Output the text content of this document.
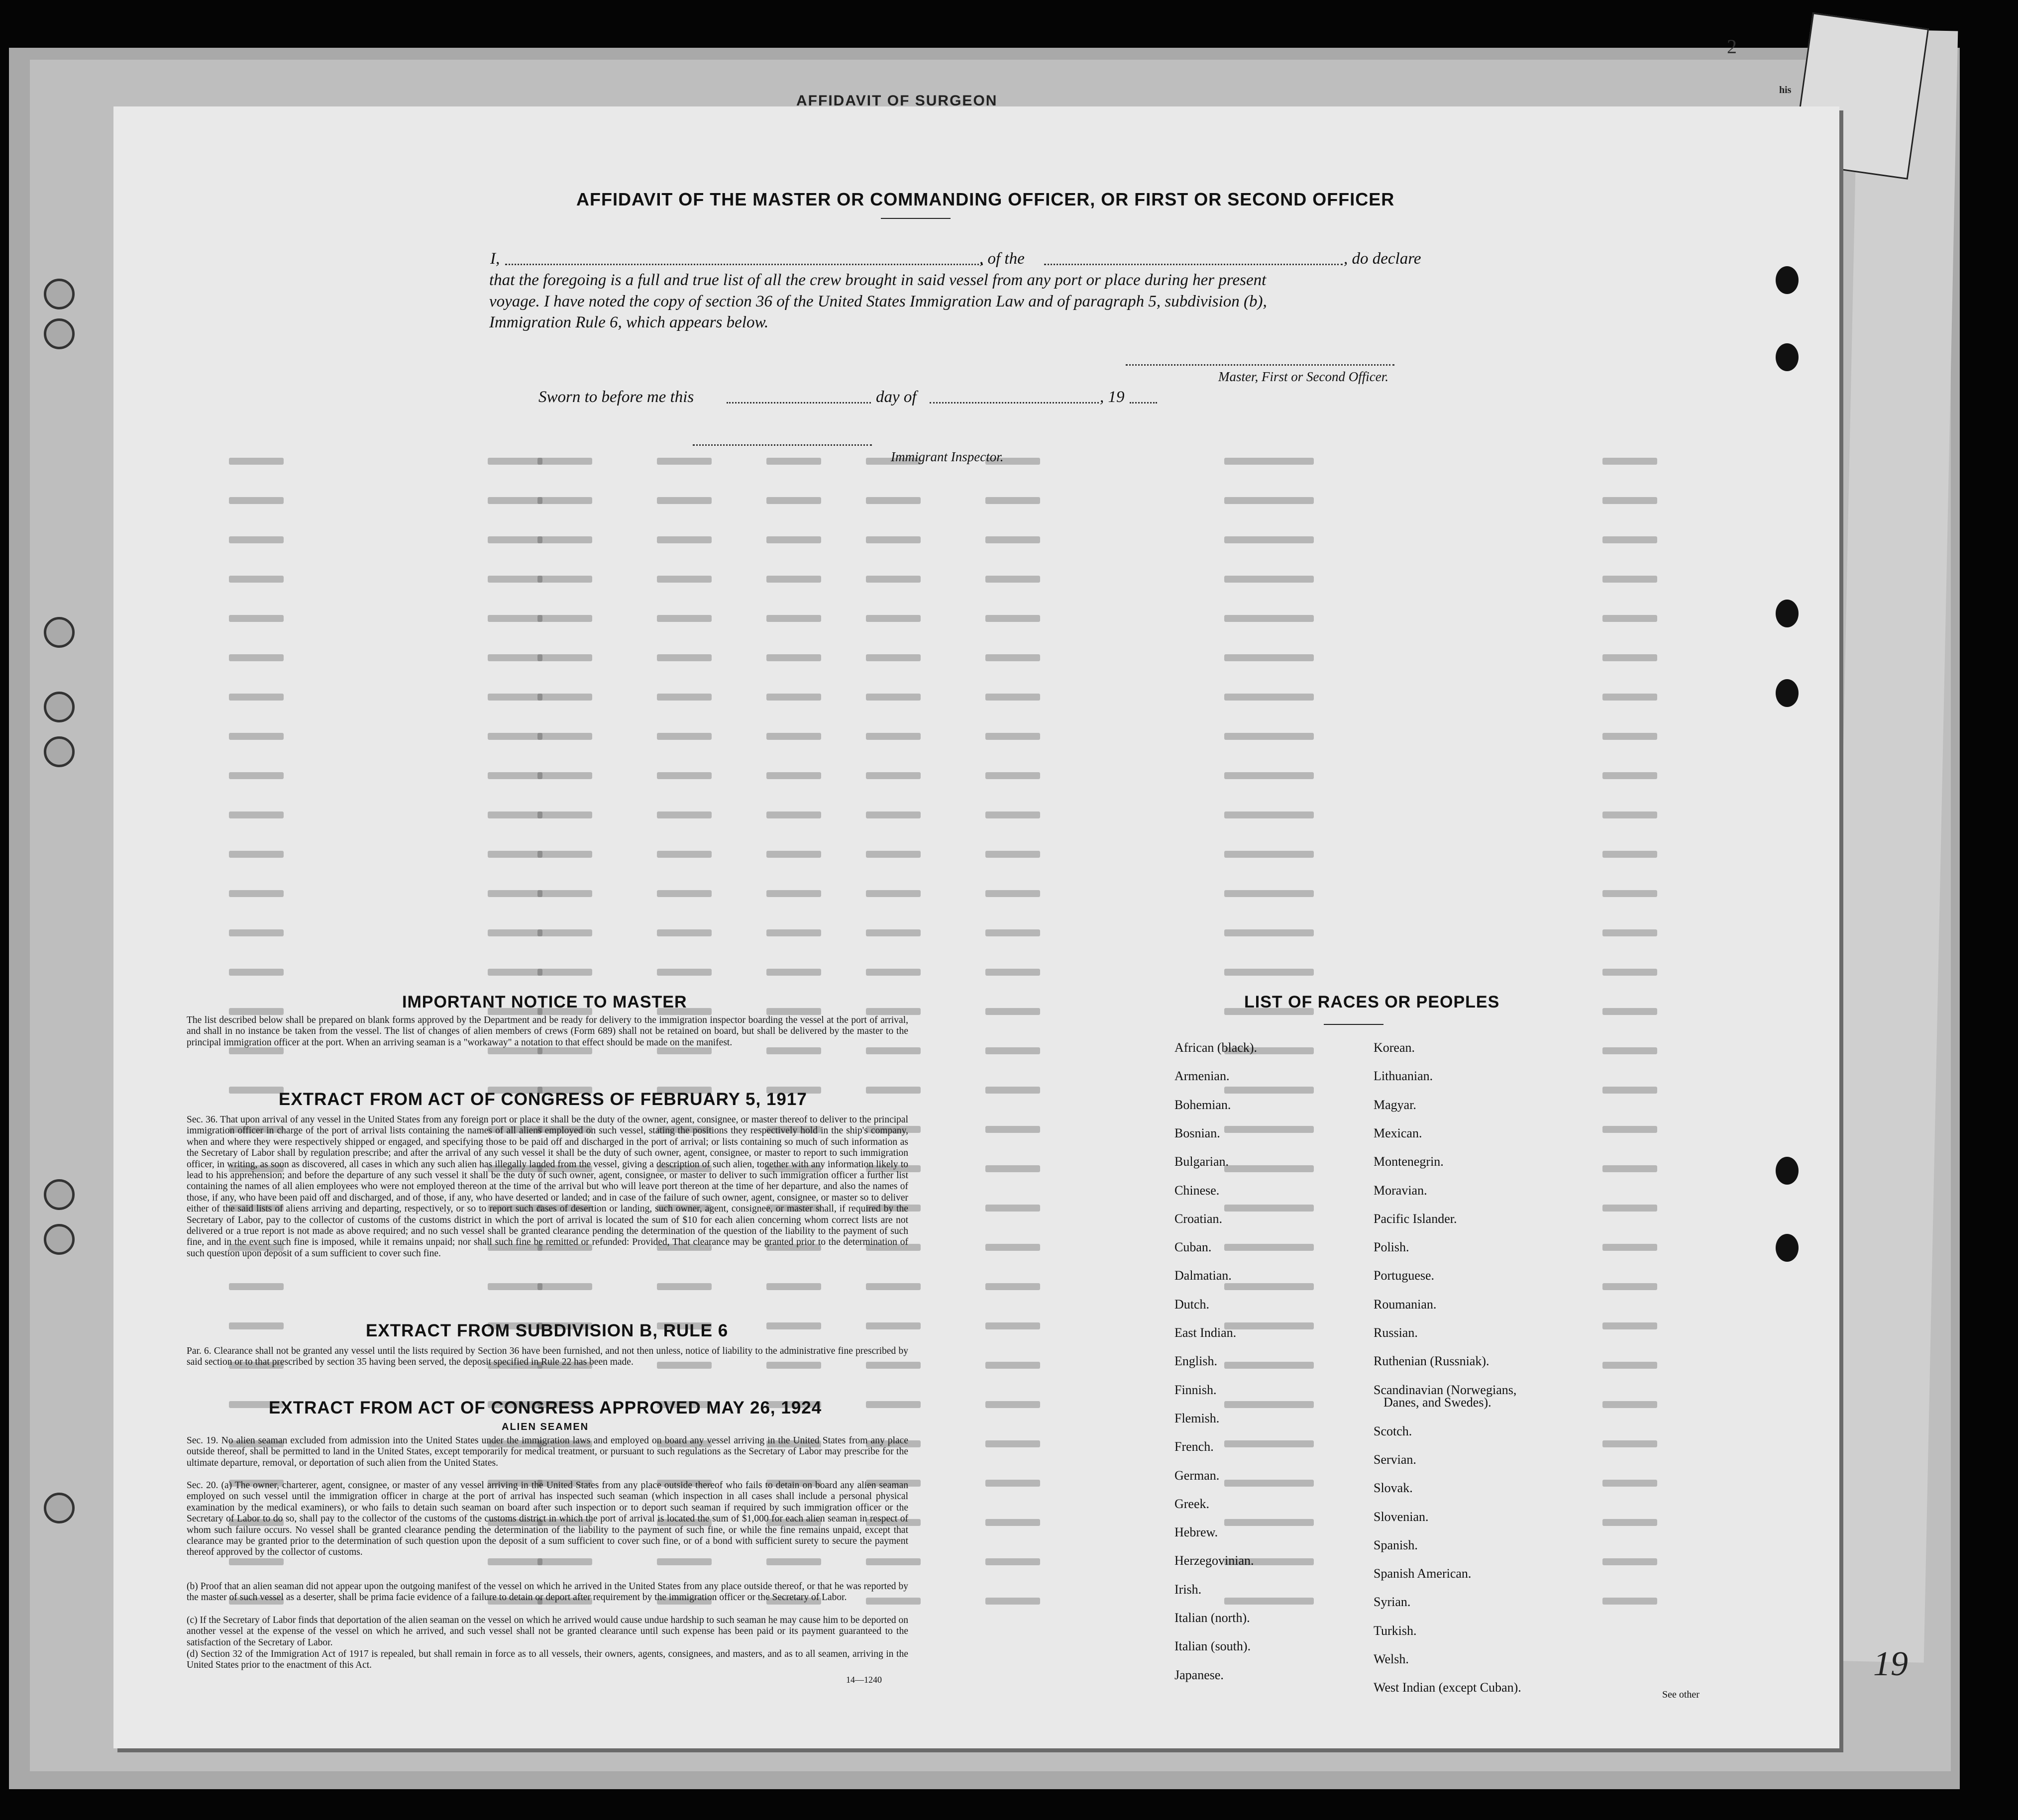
2
his
AFFIDAVIT OF SURGEON
AFFIDAVIT OF THE MASTER OR COMMANDING OFFICER, OR FIRST OR SECOND OFFICER
I,	, of the	, do declare
that the foregoing is a full and true list of all the crew brought in said vessel from any port or place during her present
voyage. I have noted the copy of section 36 of the United States Immigration Law and of paragraph 5, subdivision (b),
Immigration Rule 6, which appears below.
Master, First or Second Officer.
Sworn to before me this	day of	, 19
Immigrant Inspector.
IMPORTANT NOTICE TO MASTER
The list described below shall be prepared on blank forms approved by the Department and be ready for delivery to the immigration inspector boarding the vessel at the port of arrival, and shall in no instance be taken from the vessel. The list of changes of alien members of crews (Form 689) shall not be retained on board, but shall be delivered by the master to the principal immigration officer at the port. When an arriving seaman is a "workaway" a notation to that effect should be made on the manifest.
EXTRACT FROM ACT OF CONGRESS OF FEBRUARY 5, 1917
Sec. 36. That upon arrival of any vessel in the United States from any foreign port or place it shall be the duty of the owner, agent, consignee, or master thereof to deliver to the principal immigration officer in charge of the port of arrival lists containing the names of all aliens employed on such vessel, stating the positions they respectively hold in the ship's company, when and where they were respectively shipped or engaged, and specifying those to be paid off and discharged in the port of arrival; or lists containing so much of such information as the Secretary of Labor shall by regulation prescribe; and after the arrival of any such vessel it shall be the duty of such owner, agent, consignee, or master to report to such immigration officer, in writing, as soon as discovered, all cases in which any such alien has illegally landed from the vessel, giving a description of such alien, together with any information likely to lead to his apprehension; and before the departure of any such vessel it shall be the duty of such owner, agent, consignee, or master to deliver to such immigration officer a further list containing the names of all alien employees who were not employed thereon at the time of the arrival but who will leave port thereon at the time of her departure, and also the names of those, if any, who have been paid off and discharged, and of those, if any, who have deserted or landed; and in case of the failure of such owner, agent, consignee, or master so to deliver either of the said lists of aliens arriving and departing, respectively, or so to report such cases of desertion or landing, such owner, agent, consignee, or master shall, if required by the Secretary of Labor, pay to the collector of customs of the customs district in which the port of arrival is located the sum of $10 for each alien concerning whom correct lists are not delivered or a true report is not made as above required; and no such vessel shall be granted clearance pending the determination of the question of the liability to the payment of such fine, and in the event such fine is imposed, while it remains unpaid; nor shall such fine be remitted or refunded: Provided, That clearance may be granted prior to the determination of such question upon deposit of a sum sufficient to cover such fine.
EXTRACT FROM SUBDIVISION B, RULE 6
Par. 6. Clearance shall not be granted any vessel until the lists required by Section 36 have been furnished, and not then unless, notice of liability to the administrative fine prescribed by said section or to that prescribed by section 35 having been served, the deposit specified in Rule 22 has been made.
EXTRACT FROM ACT OF CONGRESS APPROVED MAY 26, 1924
ALIEN SEAMEN
Sec. 19. No alien seaman excluded from admission into the United States under the immigration laws and employed on board any vessel arriving in the United States from any place outside thereof, shall be permitted to land in the United States, except temporarily for medical treatment, or pursuant to such regulations as the Secretary of Labor may prescribe for the ultimate departure, removal, or deportation of such alien from the United States.
Sec. 20. (a) The owner, charterer, agent, consignee, or master of any vessel arriving in the United States from any place outside thereof who fails to detain on board any alien seaman employed on such vessel until the immigration officer in charge at the port of arrival has inspected such seaman (which inspection in all cases shall include a personal physical examination by the medical examiners), or who fails to detain such seaman on board after such inspection or to deport such seaman if required by such immigration officer or the Secretary of Labor to do so, shall pay to the collector of the customs of the customs district in which the port of arrival is located the sum of $1,000 for each alien seaman in respect of whom such failure occurs. No vessel shall be granted clearance pending the determination of the liability to the payment of such fine, or while the fine remains unpaid, except that clearance may be granted prior to the determination of such question upon the deposit of a sum sufficient to cover such fine, or of a bond with sufficient surety to secure the payment thereof approved by the collector of customs.
(b) Proof that an alien seaman did not appear upon the outgoing manifest of the vessel on which he arrived in the United States from any place outside thereof, or that he was reported by the master of such vessel as a deserter, shall be prima facie evidence of a failure to detain or deport after requirement by the immigration officer or the Secretary of Labor.
(c) If the Secretary of Labor finds that deportation of the alien seaman on the vessel on which he arrived would cause undue hardship to such seaman he may cause him to be deported on another vessel at the expense of the vessel on which he arrived, and such vessel shall not be granted clearance until such expense has been paid or its payment guaranteed to the satisfaction of the Secretary of Labor.
(d) Section 32 of the Immigration Act of 1917 is repealed, but shall remain in force as to all vessels, their owners, agents, consignees, and masters, and as to all seamen, arriving in the United States prior to the enactment of this Act.
14—1240
LIST OF RACES OR PEOPLES
African (black).
Armenian.
Bohemian.
Bosnian.
Bulgarian.
Chinese.
Croatian.
Cuban.
Dalmatian.
Dutch.
East Indian.
English.
Finnish.
Flemish.
French.
German.
Greek.
Hebrew.
Herzegovinian.
Irish.
Italian (north).
Italian (south).
Japanese.
Korean.
Lithuanian.
Magyar.
Mexican.
Montenegrin.
Moravian.
Pacific Islander.
Polish.
Portuguese.
Roumanian.
Russian.
Ruthenian (Russniak).
Scandinavian (Norwegians,
Danes, and Swedes).
Scotch.
Servian.
Slovak.
Slovenian.
Spanish.
Spanish American.
Syrian.
Turkish.
Welsh.
West Indian (except Cuban).	See other
19
